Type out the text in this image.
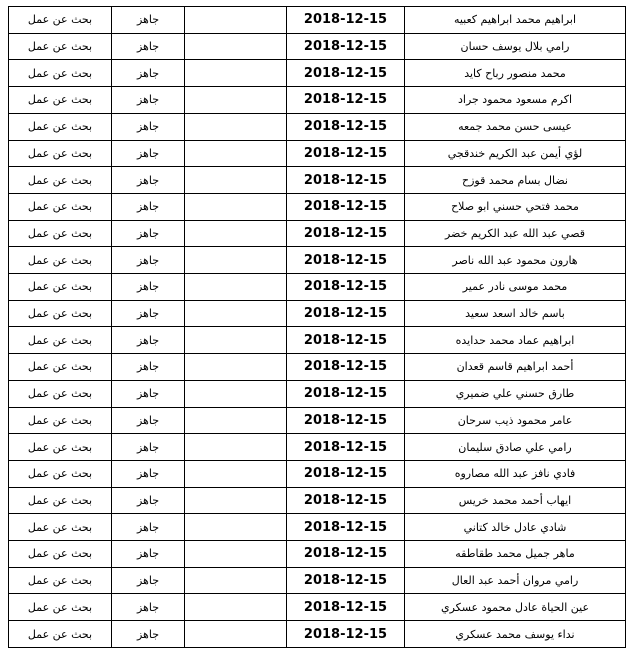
بحث عن عمل	جاهز		2018-12-15	ابراهيم محمد ابراهيم كعبيه
بحث عن عمل	جاهز		2018-12-15	رامي بلال يوسف حسان
بحث عن عمل	جاهز		2018-12-15	محمد منصور رباح كايد
بحث عن عمل	جاهز		2018-12-15	اكرم مسعود محمود جراد
بحث عن عمل	جاهز		2018-12-15	عيسى حسن محمد جمعه
بحث عن عمل	جاهز		2018-12-15	لؤي أيمن عبد الكريم خندقجي
بحث عن عمل	جاهز		2018-12-15	نضال بسام محمد قوزح
بحث عن عمل	جاهز		2018-12-15	محمد فتحي حسني ابو صلاح
بحث عن عمل	جاهز		2018-12-15	قصي عبد الله عبد الكريم خضر
بحث عن عمل	جاهز		2018-12-15	هارون محمود عبد الله ناصر
بحث عن عمل	جاهز		2018-12-15	محمد موسى نادر عمير
بحث عن عمل	جاهز		2018-12-15	باسم خالد اسعد سعيد
بحث عن عمل	جاهز		2018-12-15	ابراهيم عماد محمد حدايده
بحث عن عمل	جاهز		2018-12-15	أحمد ابراهيم قاسم قعدان
بحث عن عمل	جاهز		2018-12-15	طارق حسني علي ضميري
بحث عن عمل	جاهز		2018-12-15	عامر محمود ذيب سرحان
بحث عن عمل	جاهز		2018-12-15	رامي علي صادق سليمان
بحث عن عمل	جاهز		2018-12-15	فادي نافز عبد الله مصاروه
بحث عن عمل	جاهز		2018-12-15	ايهاب أحمد محمد خريس
بحث عن عمل	جاهز		2018-12-15	شادي عادل خالد كتاني
بحث عن عمل	جاهز		2018-12-15	ماهر جميل محمد طقاطقه
بحث عن عمل	جاهز		2018-12-15	رامي مروان أحمد عبد العال
بحث عن عمل	جاهز		2018-12-15	عين الحياة عادل محمود عسكري
بحث عن عمل	جاهز		2018-12-15	نداء يوسف محمد عسكري
